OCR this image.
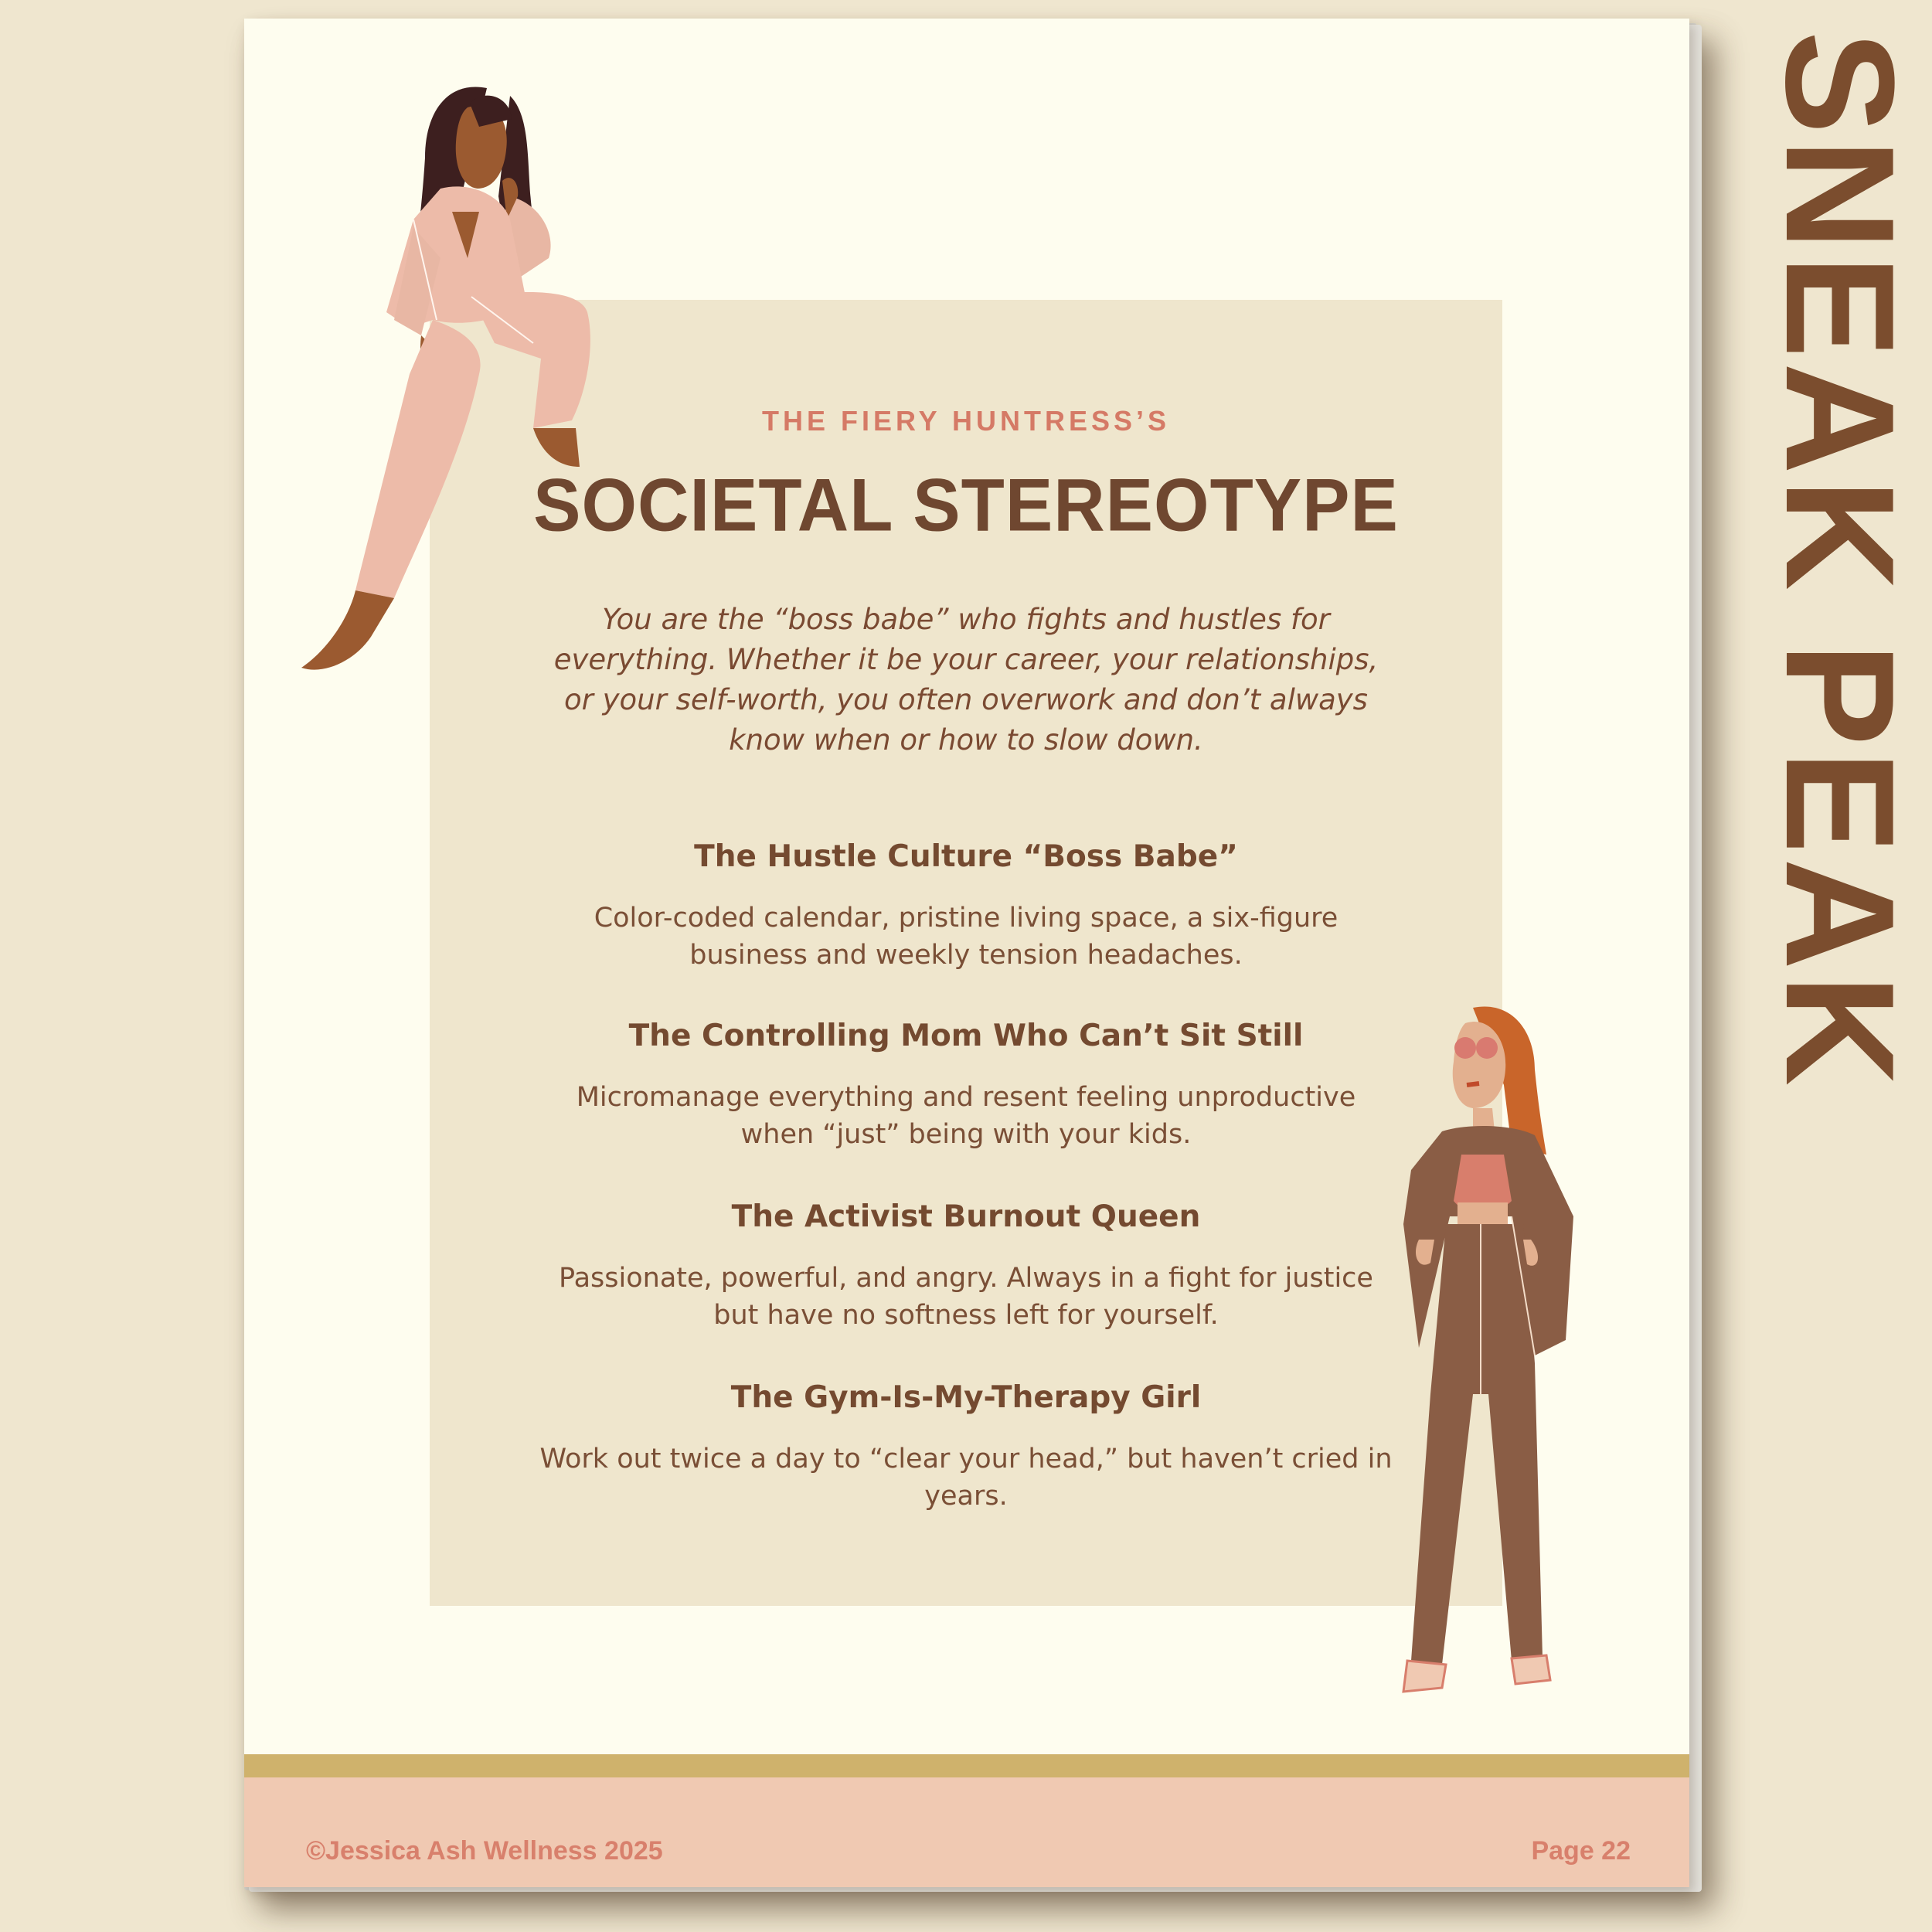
THE FIERY HUNTRESS’S
SOCIETAL STEREOTYPE

You are the “boss babe” who fights and hustles for everything. Whether it be your career, your relationships, or your self-worth, you often overwork and don’t always know when or how to slow down.

The Hustle Culture “Boss Babe”

Color-coded calendar, pristine living space, a six-figure business and weekly tension headaches.

The Controlling Mom Who Can’t Sit Still

Micromanage everything and resent feeling unproductive when “just” being with your kids.

The Activist Burnout Queen

Passionate, powerful, and angry. Always in a fight for justice but have no softness left for yourself.

The Gym-Is-My-Therapy Girl

Work out twice a day to “clear your head,” but haven’t cried in years.

©Jessica Ash Wellness 2025	Page 22
SNEAK PEAK
